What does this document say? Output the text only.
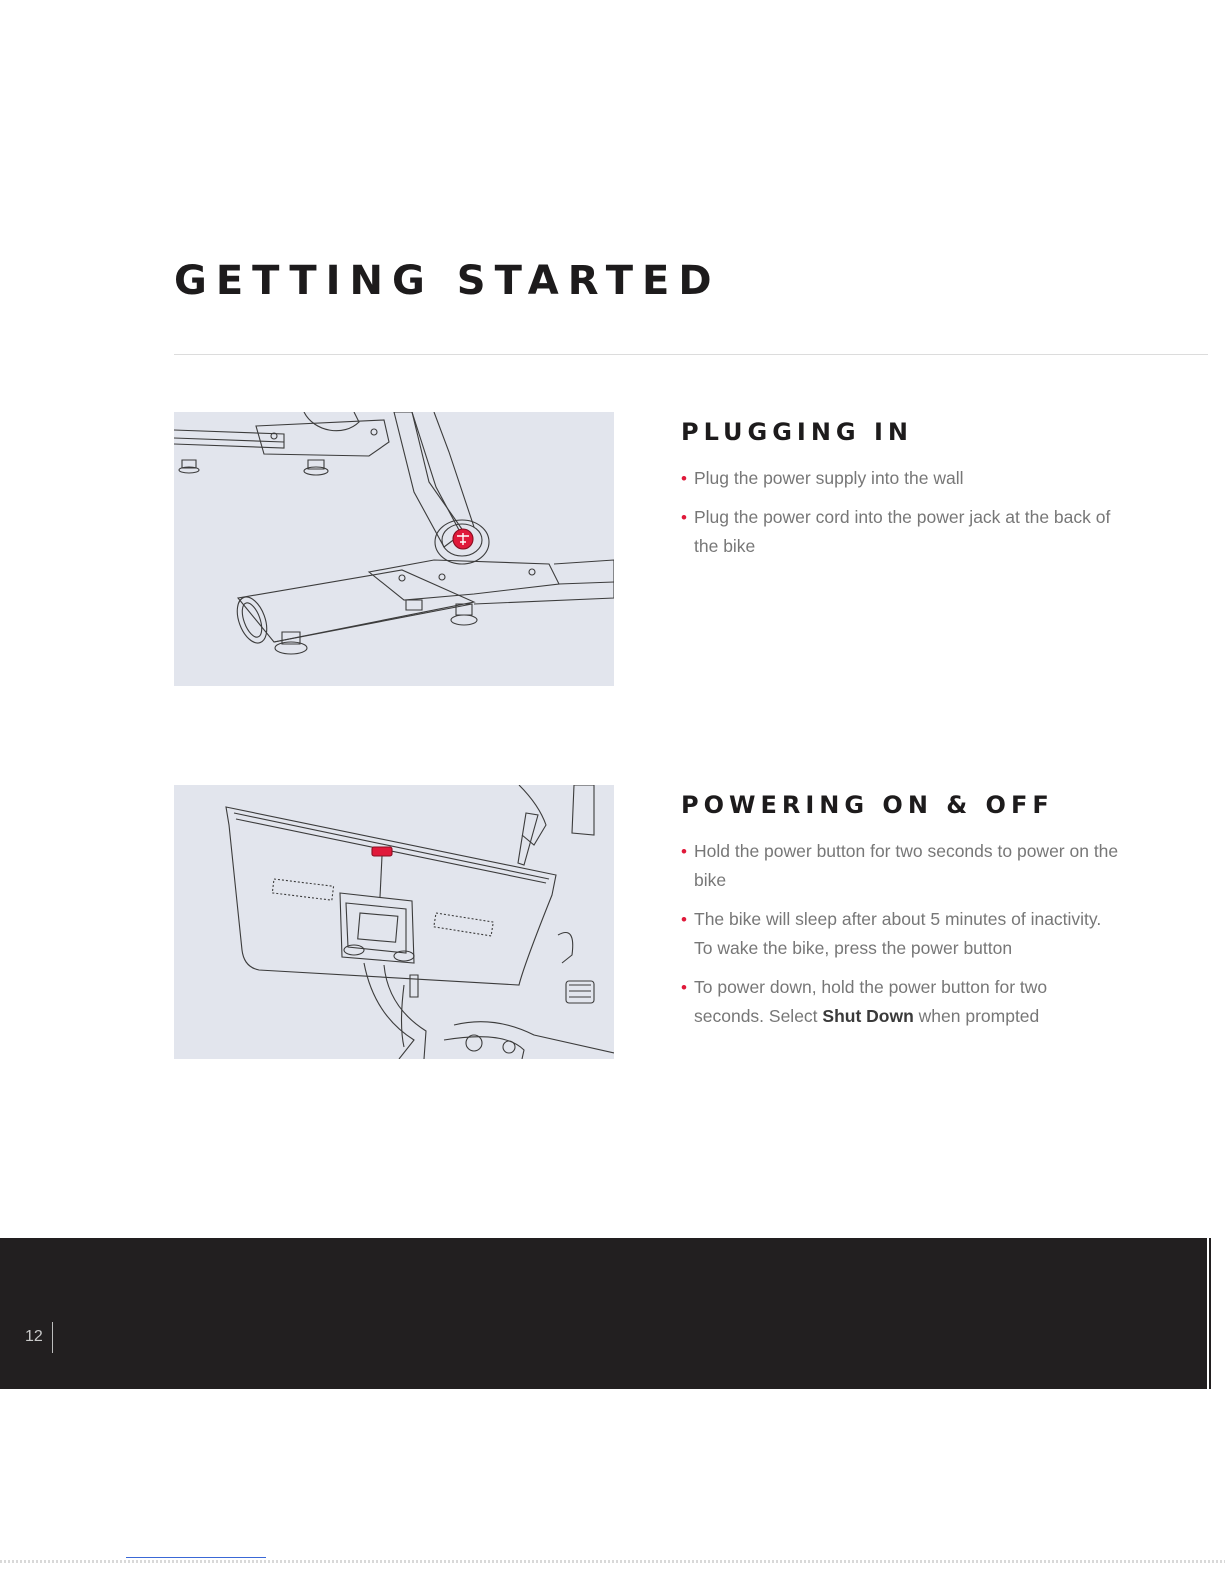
GETTING STARTED
PLUGGING IN
• Plug the power supply into the wall
• Plug the power cord into the power jack at the back of the bike
POWERING ON & OFF
• Hold the power button for two seconds to power on the bike
• The bike will sleep after about 5 minutes of inactivity. To wake the bike, press the power button
• To power down, hold the power button for two seconds. Select Shut Down when prompted
12
